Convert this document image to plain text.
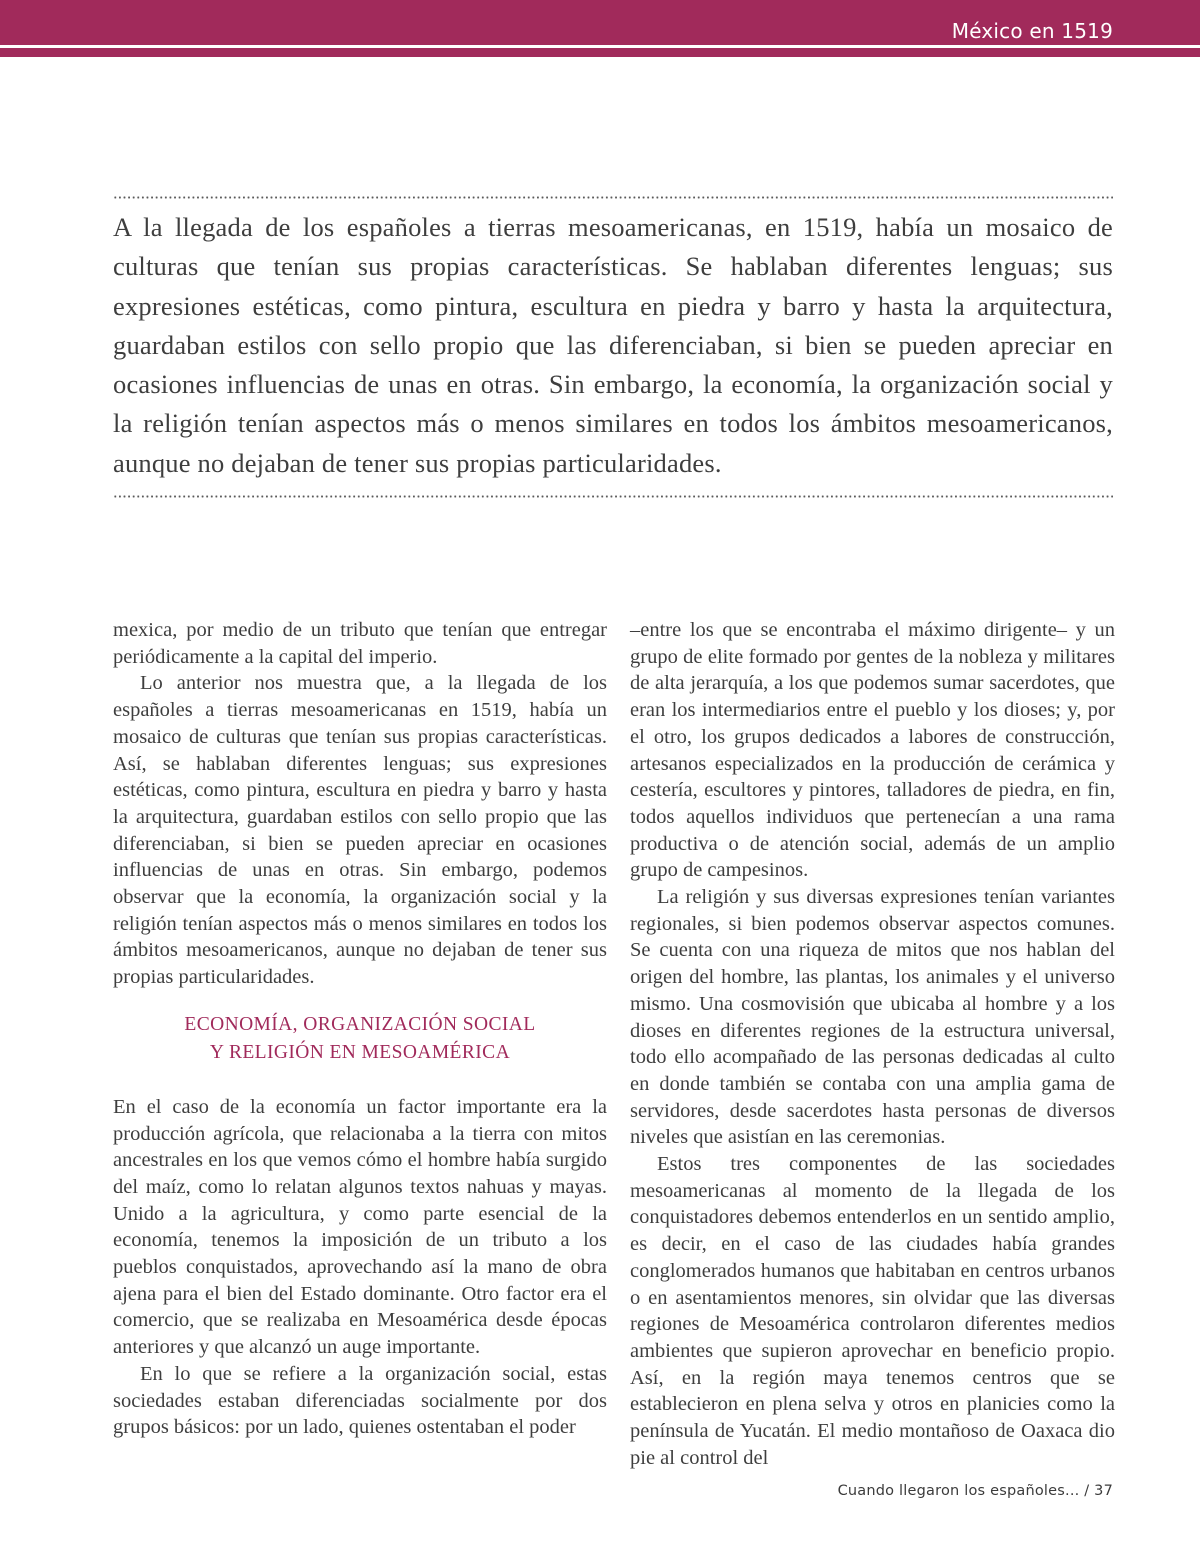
México en 1519

A la llegada de los españoles a tierras mesoamericanas, en 1519, había un mosaico de culturas que tenían sus propias características. Se hablaban diferentes lenguas; sus expresiones estéticas, como pintura, escultura en piedra y barro y hasta la arquitectura, guardaban estilos con sello propio que las diferenciaban, si bien se pueden apreciar en ocasiones influencias de unas en otras. Sin embargo, la economía, la organización social y la religión tenían aspectos más o menos similares en todos los ámbitos mesoamericanos, aunque no dejaban de tener sus propias particularidades.

mexica, por medio de un tributo que tenían que entregar periódicamente a la capital del imperio.

Lo anterior nos muestra que, a la llegada de los españoles a tierras mesoamericanas en 1519, había un mosaico de culturas que tenían sus propias características. Así, se hablaban diferentes lenguas; sus expresiones estéticas, como pintura, escultura en piedra y barro y hasta la arquitectura, guardaban estilos con sello propio que las diferenciaban, si bien se pueden apreciar en ocasiones influencias de unas en otras. Sin embargo, podemos observar que la economía, la organización social y la religión tenían aspectos más o menos similares en todos los ámbitos mesoamericanos, aunque no dejaban de tener sus propias particularidades.

ECONOMÍA, ORGANIZACIÓN SOCIAL
Y RELIGIÓN EN MESOAMÉRICA

En el caso de la economía un factor importante era la producción agrícola, que relacionaba a la tierra con mitos ancestrales en los que vemos cómo el hombre había surgido del maíz, como lo relatan algunos textos nahuas y mayas. Unido a la agricultura, y como parte esencial de la economía, tenemos la imposición de un tributo a los pueblos conquistados, aprovechando así la mano de obra ajena para el bien del Estado dominante. Otro factor era el comercio, que se realizaba en Mesoamérica desde épocas anteriores y que alcanzó un auge importante.

En lo que se refiere a la organización social, estas sociedades estaban diferenciadas socialmente por dos grupos básicos: por un lado, quienes ostentaban el poder

–entre los que se encontraba el máximo dirigente– y un grupo de elite formado por gentes de la nobleza y militares de alta jerarquía, a los que podemos sumar sacerdotes, que eran los intermediarios entre el pueblo y los dioses; y, por el otro, los grupos dedicados a labores de construcción, artesanos especializados en la producción de cerámica y cestería, escultores y pintores, talladores de piedra, en fin, todos aquellos individuos que pertenecían a una rama productiva o de atención social, además de un amplio grupo de campesinos.

La religión y sus diversas expresiones tenían variantes regionales, si bien podemos observar aspectos comunes. Se cuenta con una riqueza de mitos que nos hablan del origen del hombre, las plantas, los animales y el universo mismo. Una cosmovisión que ubicaba al hombre y a los dioses en diferentes regiones de la estructura universal, todo ello acompañado de las personas dedicadas al culto en donde también se contaba con una amplia gama de servidores, desde sacerdotes hasta personas de diversos niveles que asistían en las ceremonias.

Estos tres componentes de las sociedades mesoamericanas al momento de la llegada de los conquistadores debemos entenderlos en un sentido amplio, es decir, en el caso de las ciudades había grandes conglomerados humanos que habitaban en centros urbanos o en asentamientos menores, sin olvidar que las diversas regiones de Mesoamérica controlaron diferentes medios ambientes que supieron aprovechar en beneficio propio. Así, en la región maya tenemos centros que se establecieron en plena selva y otros en planicies como la península de Yucatán. El medio montañoso de Oaxaca dio pie al control del

Cuando llegaron los españoles... / 37
